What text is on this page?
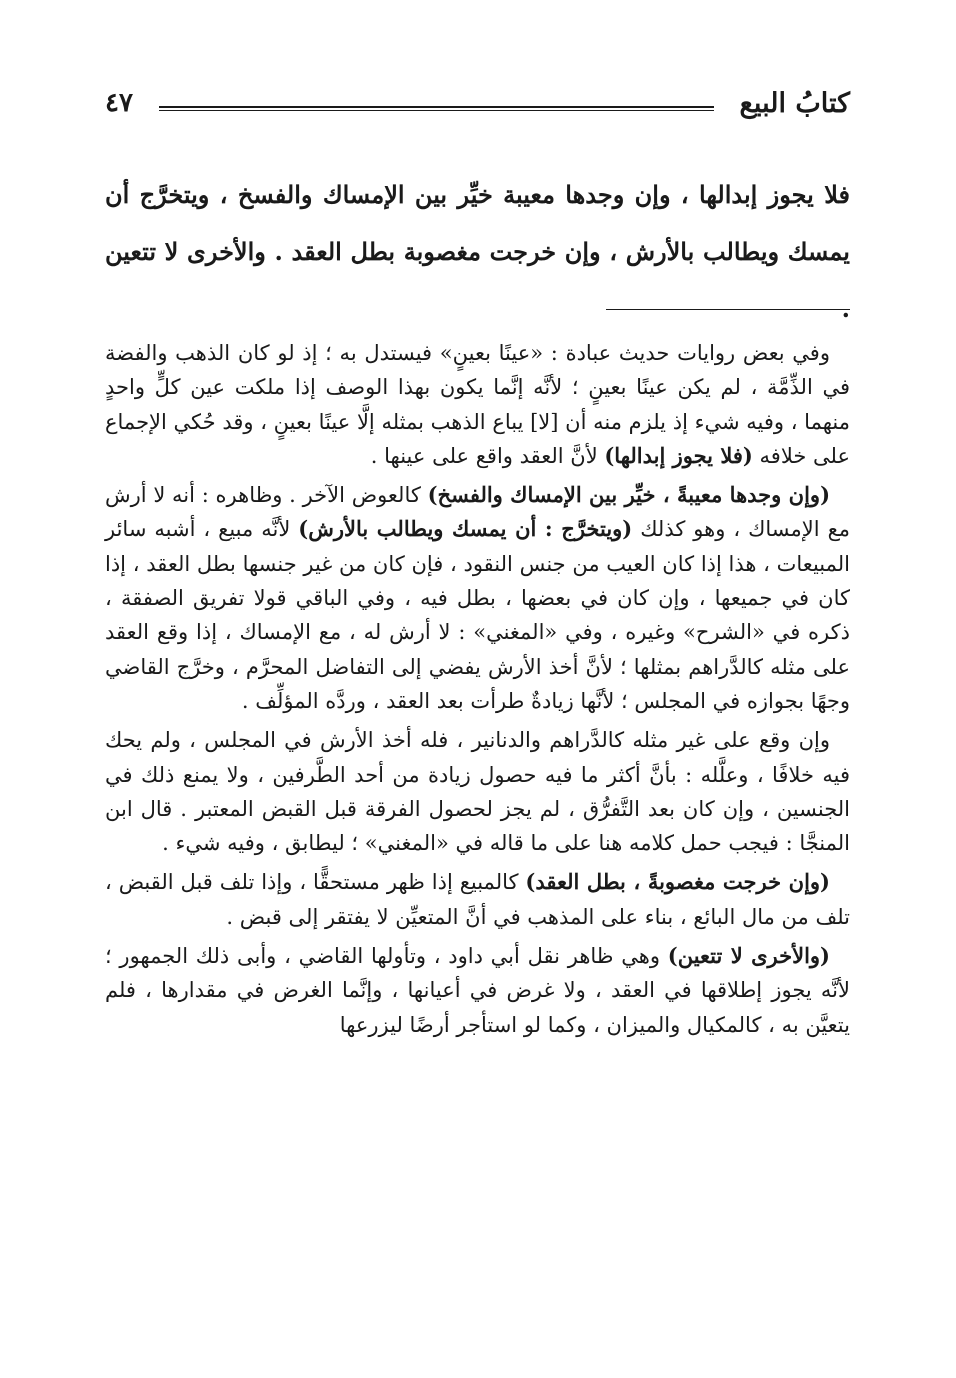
كتابُ البيع
٤٧

فلا يجوز إبدالها ، وإن وجدها معيبة خيِّر بين الإمساك والفسخ ، ويتخرَّج أن يمسك ويطالب بالأرش ، وإن خرجت مغصوبة بطل العقد . والأخرى لا تتعين .

وفي بعض روايات حديث عبادة : «عينًا بعينٍ» فيستدل به ؛ إذ لو كان الذهب والفضة في الذِّمَّة ، لم يكن عينًا بعينٍ ؛ لأنَّه إنَّما يكون بهذا الوصف إذا ملكت عين كلٍّ واحدٍ منهما ، وفيه شيء إذ يلزم منه أن [لا] يباع الذهب بمثله إلَّا عينًا بعينٍ ، وقد حُكي الإجماع على خلافه (فلا يجوز إبدالها) لأنَّ العقد واقع على عينها .

(وإن وجدها معيبةً ، خيِّر بين الإمساك والفسخ) كالعوض الآخر . وظاهره : أنه لا أرش مع الإمساك ، وهو كذلك (ويتخرَّج : أن يمسك ويطالب بالأرش) لأنَّه مبيع ، أشبه سائر المبيعات ، هذا إذا كان العيب من جنس النقود ، فإن كان من غير جنسها بطل العقد ، إذا كان في جميعها ، وإن كان في بعضها ، بطل فيه ، وفي الباقي قولا تفريق الصفقة ، ذكره في «الشرح» وغيره ، وفي «المغني» : لا أرش له ، مع الإمساك ، إذا وقع العقد على مثله كالدَّراهم بمثلها ؛ لأنَّ أخذ الأرش يفضي إلى التفاضل المحرَّم ، وخرَّج القاضي وجهًا بجوازه في المجلس ؛ لأنَّها زيادةٌ طرأت بعد العقد ، وردَّه المؤلِّف .

وإن وقع على غير مثله كالدَّراهم والدنانير ، فله أخذ الأرش في المجلس ، ولم يحك فيه خلافًا ، وعلَّله : بأنَّ أكثر ما فيه حصول زيادة من أحد الطَّرفين ، ولا يمنع ذلك في الجنسين ، وإن كان بعد التَّفرُّق ، لم يجز لحصول الفرقة قبل القبض المعتبر . قال ابن المنجَّا : فيجب حمل كلامه هنا على ما قاله في «المغني» ؛ ليطابق ، وفيه شيء .

(وإن خرجت مغصوبةً ، بطل العقد) كالمبيع إذا ظهر مستحقًّا ، وإذا تلف قبل القبض ، تلف من مال البائع ، بناء على المذهب في أنَّ المتعيِّن لا يفتقر إلى قبض .

(والأخرى لا تتعين) وهي ظاهر نقل أبي داود ، وتأولها القاضي ، وأبى ذلك الجمهور ؛ لأنَّه يجوز إطلاقها في العقد ، ولا غرض في أعيانها ، وإنَّما الغرض في مقدارها ، فلم يتعيَّن به ، كالمكيال والميزان ، وكما لو استأجر أرضًا ليزرعها
